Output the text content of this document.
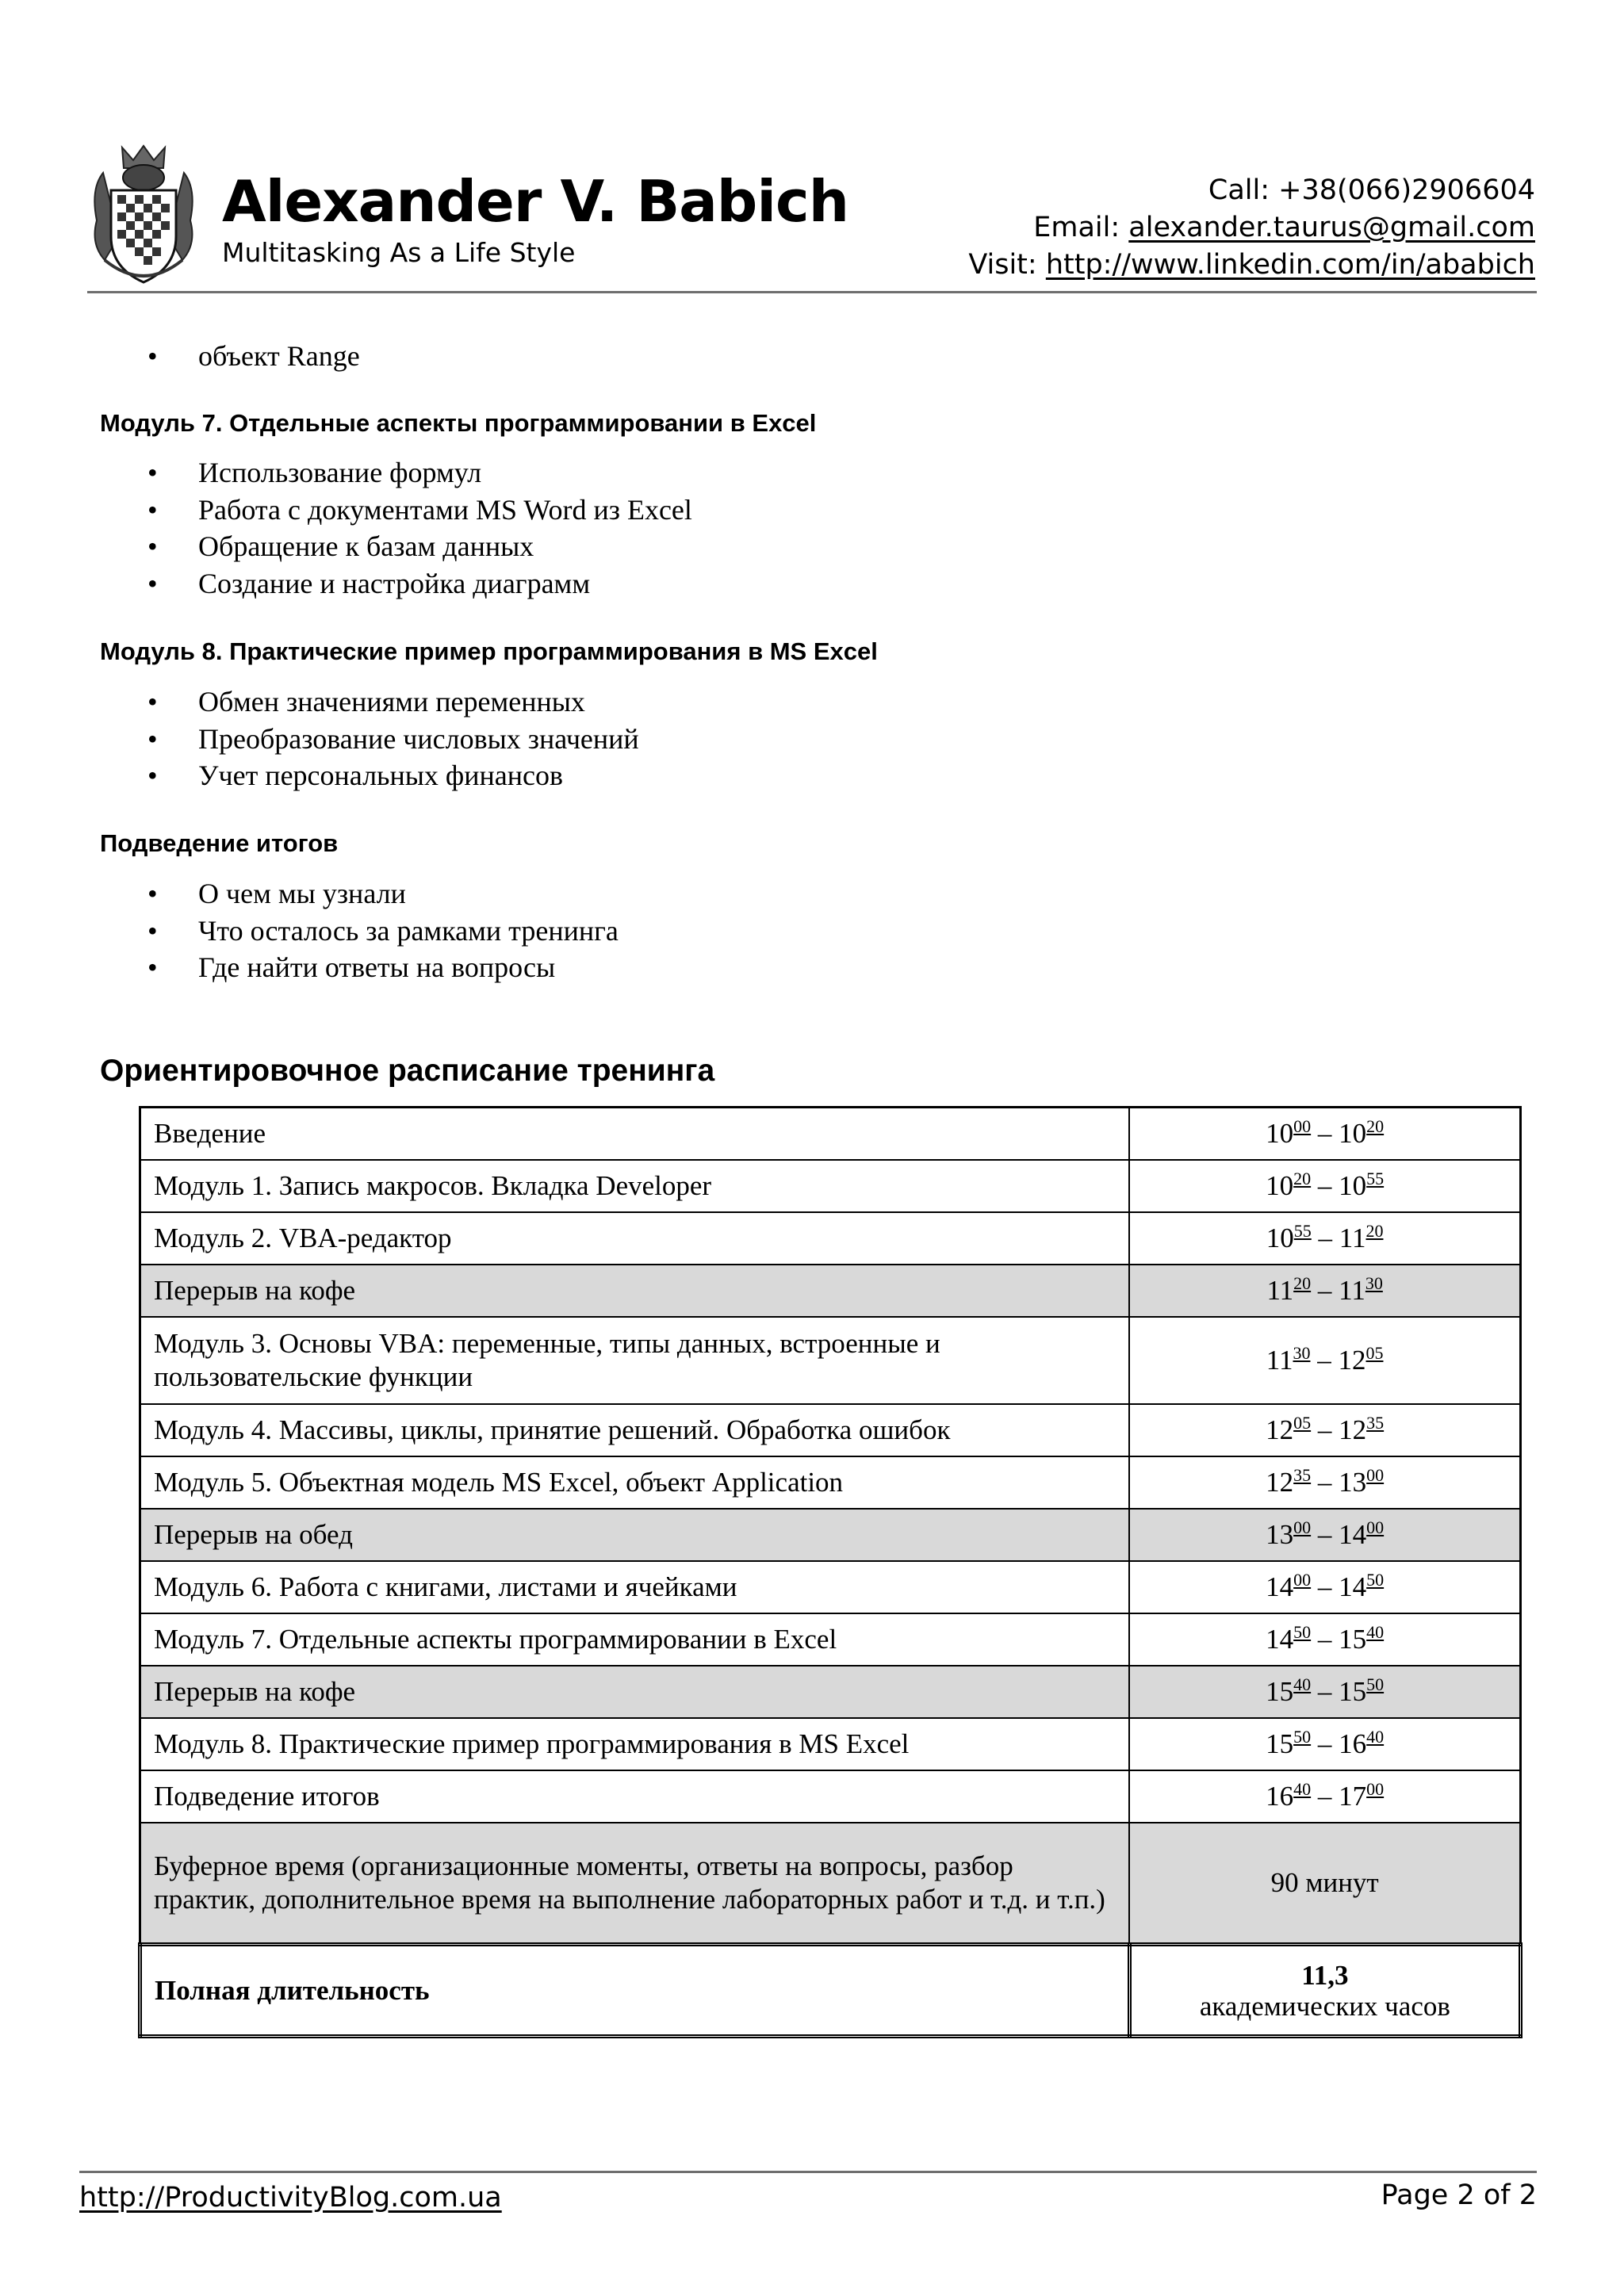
Alexander V. Babich
Multitasking As a Life Style
Call: +38(066)2906604
Email: alexander.taurus@gmail.com
Visit: http://www.linkedin.com/in/ababich
• объект Range
Модуль 7. Отдельные аспекты программировании в Excel
• Использование формул
• Работа с документами MS Word из Excel
• Обращение к базам данных
• Создание и настройка диаграмм
Модуль 8. Практические пример программирования в MS Excel
• Обмен значениями переменных
• Преобразование числовых значений
• Учет персональных финансов
Подведение итогов
• О чем мы узнали
• Что осталось за рамками тренинга
• Где найти ответы на вопросы
Ориентировочное расписание тренинга
Введение	$10^{00} - 10^{20}$
Модуль 1. Запись макросов. Вкладка Developer	$10^{20} - 10^{55}$
Модуль 2. VBA-редактор	$10^{55} - 11^{20}$
Перерыв на кофе	$11^{20} - 11^{30}$
Модуль 3. Основы VBA: переменные, типы данных, встроенные и пользовательские функции	$11^{30} - 12^{05}$
Модуль 4. Массивы, циклы, принятие решений. Обработка ошибок	$12^{05} - 12^{35}$
Модуль 5. Объектная модель MS Excel, объект Application	$12^{35} - 13^{00}$
Перерыв на обед	$13^{00} - 14^{00}$
Модуль 6. Работа с книгами, листами и ячейками	$14^{00} - 14^{50}$
Модуль 7. Отдельные аспекты программировании в Excel	$14^{50} - 15^{40}$
Перерыв на кофе	$15^{40} - 15^{50}$
Модуль 8. Практические пример программирования в MS Excel	$15^{50} - 16^{40}$
Подведение итогов	$16^{40} - 17^{00}$
Буферное время (организационные моменты, ответы на вопросы, разбор практик, дополнительное время на выполнение лабораторных работ и т.д. и т.п.)	90 минут
Полная длительность	11,3
академических часов
http://ProductivityBlog.com.ua	Page 2 of 2
